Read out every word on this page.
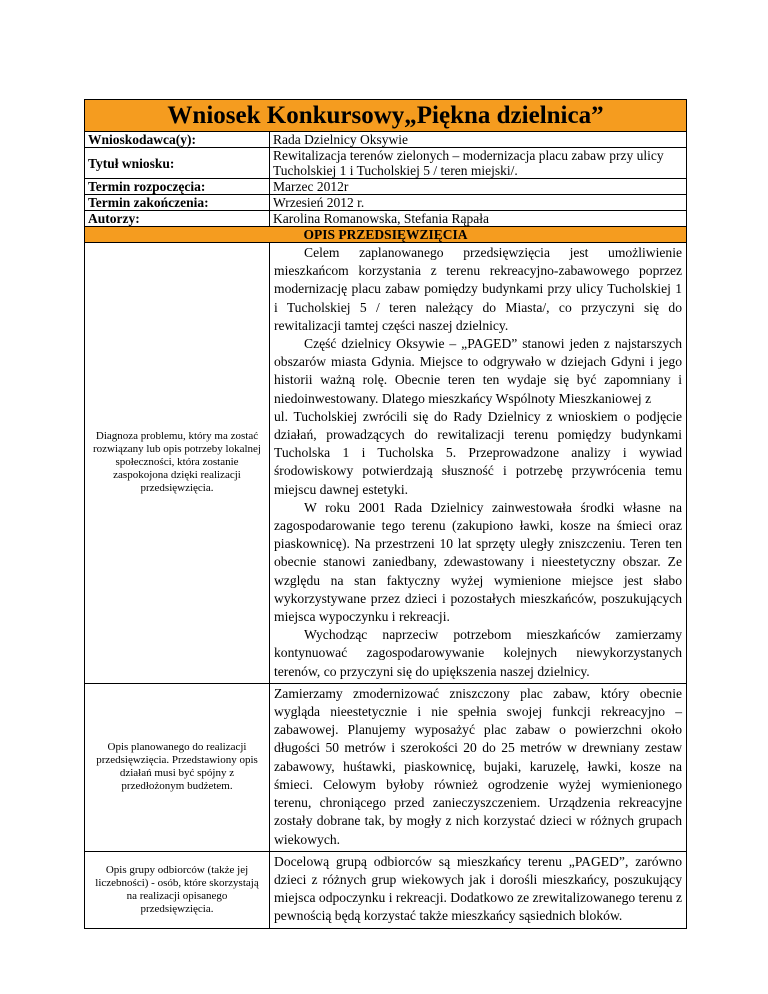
Wniosek Konkursowy„Piękna dzielnica”	
Wnioskodawca(y):	Rada Dzielnicy Oksywie
Tytuł wniosku:	Rewitalizacja terenów zielonych – modernizacja placu zabaw przy ulicy Tucholskiej 1 i Tucholskiej 5 / teren miejski/.
Termin rozpoczęcia:	Marzec 2012r
Termin zakończenia:	Wrzesień 2012 r.
Autorzy:	Karolina Romanowska, Stefania Rąpała
OPIS PRZEDSIĘWZIĘCIA	
Diagnoza problemu, który ma zostać rozwiązany lub opis potrzeby lokalnej społeczności, która zostanie zaspokojona dzięki realizacji przedsięwzięcia.	Celem zaplanowanego przedsięwzięcia jest umożliwienie mieszkańcom korzystania z terenu rekreacyjno-zabawowego poprzez modernizację placu zabaw pomiędzy budynkami przy ulicy Tucholskiej 1 i Tucholskiej 5 / teren należący do Miasta/, co przyczyni się do rewitalizacji tamtej części naszej dzielnicy.

Część dzielnicy Oksywie – „PAGED” stanowi jeden z najstarszych obszarów miasta Gdynia. Miejsce to odgrywało w dziejach Gdyni i jego historii ważną rolę. Obecnie teren ten wydaje się być zapomniany i niedoinwestowany. Dlatego mieszkańcy Wspólnoty Mieszkaniowej z

ul. Tucholskiej zwrócili się do Rady Dzielnicy z wnioskiem o podjęcie działań, prowadzących do rewitalizacji terenu pomiędzy budynkami Tucholska 1 i Tucholska 5. Przeprowadzone analizy i wywiad środowiskowy potwierdzają słuszność i potrzebę przywrócenia temu miejscu dawnej estetyki.

W roku 2001 Rada Dzielnicy zainwestowała środki własne na zagospodarowanie tego terenu (zakupiono ławki, kosze na śmieci oraz piaskownicę). Na przestrzeni 10 lat sprzęty uległy zniszczeniu. Teren ten obecnie stanowi zaniedbany, zdewastowany i nieestetyczny obszar. Ze względu na stan faktyczny wyżej wymienione miejsce jest słabo wykorzystywane przez dzieci i pozostałych mieszkańców, poszukujących miejsca wypoczynku i rekreacji.

Wychodząc naprzeciw potrzebom mieszkańców zamierzamy kontynuować zagospodarowywanie kolejnych niewykorzystanych terenów, co przyczyni się do upiększenia naszej dzielnicy.

Opis planowanego do realizacji przedsięwzięcia. Przedstawiony opis działań musi być spójny z przedłożonym budżetem.	Zamierzamy zmodernizować zniszczony plac zabaw, który obecnie wygląda nieestetycznie i nie spełnia swojej funkcji rekreacyjno – zabawowej. Planujemy wyposażyć plac zabaw o powierzchni około długości 50 metrów i szerokości 20 do 25 metrów w drewniany zestaw zabawowy, huśtawki, piaskownicę, bujaki, karuzelę, ławki, kosze na śmieci. Celowym byłoby również ogrodzenie wyżej wymienionego terenu, chroniącego przed zanieczyszczeniem. Urządzenia rekreacyjne zostały dobrane tak, by mogły z nich korzystać dzieci w różnych grupach wiekowych.

Opis grupy odbiorców (także jej liczebności) - osób, które skorzystają na realizacji opisanego przedsięwzięcia.	Docelową grupą odbiorców są mieszkańcy terenu „PAGED”, zarówno dzieci z różnych grup wiekowych jak i dorośli mieszkańcy, poszukujący miejsca odpoczynku i rekreacji. Dodatkowo ze zrewitalizowanego terenu z pewnością będą korzystać także mieszkańcy sąsiednich bloków.
